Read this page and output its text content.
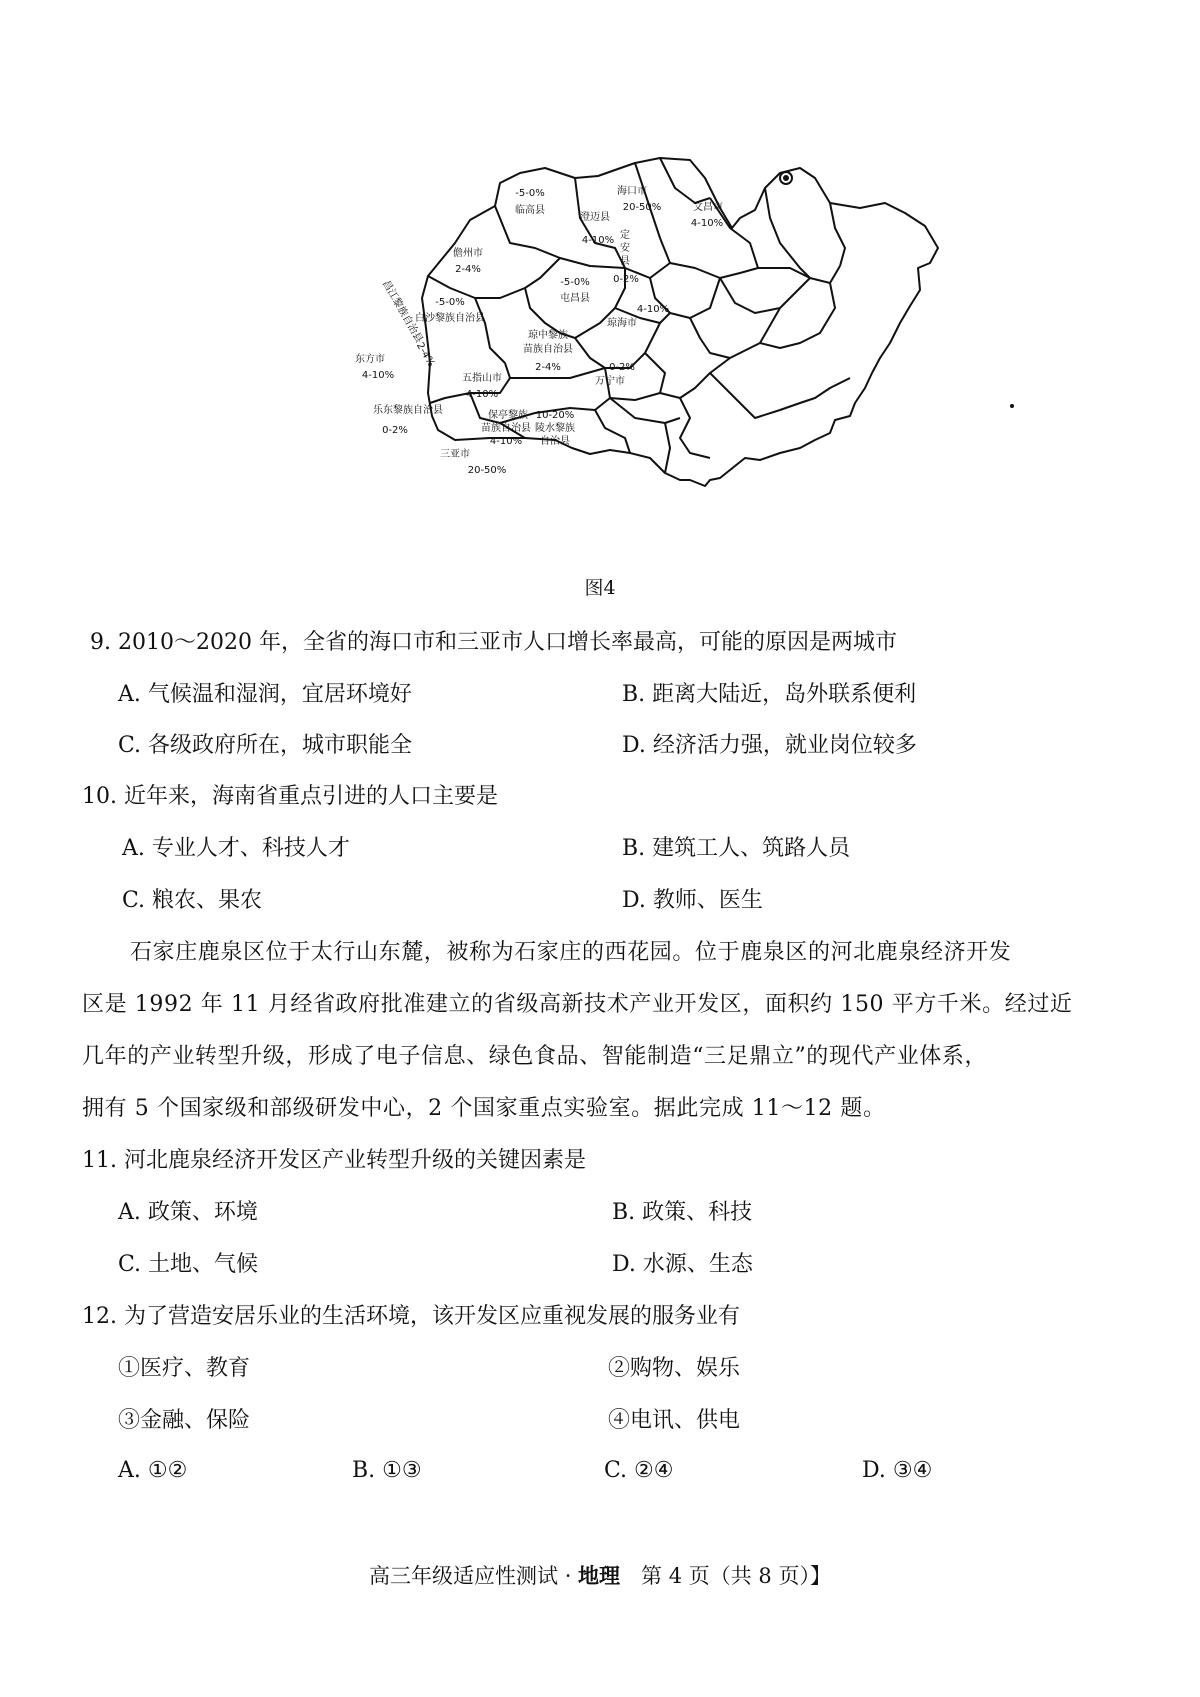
-5-0%
临高县
澄迈县
4-10%
海口市
20-50%	文昌市
4-10%
儋州市
2-4%
定
安
县
0-2%
-5-0%
屯昌县
-5-0%
白沙黎族自治县
4-10%
琼海市
昌江黎族自治县
2-4%
琼中黎族
苗族自治县
2-4%
东方市
4-10%
0-2%
万宁市
五指山市
4-10%
乐东黎族自治县
0-2%
保亭黎族
苗族自治县
4-10%
10-20%
陵水黎族
自治县
三亚市
20-50%
图4
9. 2010～2020 年，全省的海口市和三亚市人口增长率最高，可能的原因是两城市
A. 气候温和湿润，宜居环境好	B. 距离大陆近，岛外联系便利
C. 各级政府所在，城市职能全	D. 经济活力强，就业岗位较多
10. 近年来，海南省重点引进的人口主要是
A. 专业人才、科技人才	B. 建筑工人、筑路人员
C. 粮农、果农	D. 教师、医生
石家庄鹿泉区位于太行山东麓，被称为石家庄的西花园。位于鹿泉区的河北鹿泉经济开发
区是 1992 年 11 月经省政府批准建立的省级高新技术产业开发区，面积约 150 平方千米。经过近
几年的产业转型升级，形成了电子信息、绿色食品、智能制造“三足鼎立”的现代产业体系，
拥有 5 个国家级和部级研发中心，2 个国家重点实验室。据此完成 11～12 题。
11. 河北鹿泉经济开发区产业转型升级的关键因素是
A. 政策、环境	B. 政策、科技
C. 土地、气候	D. 水源、生态
12. 为了营造安居乐业的生活环境，该开发区应重视发展的服务业有
①医疗、教育	②购物、娱乐
③金融、保险	④电讯、供电
A. ①②	B. ①③	C. ②④	D. ③④
高三年级适应性测试 · 地理　第 4 页（共 8 页）】
